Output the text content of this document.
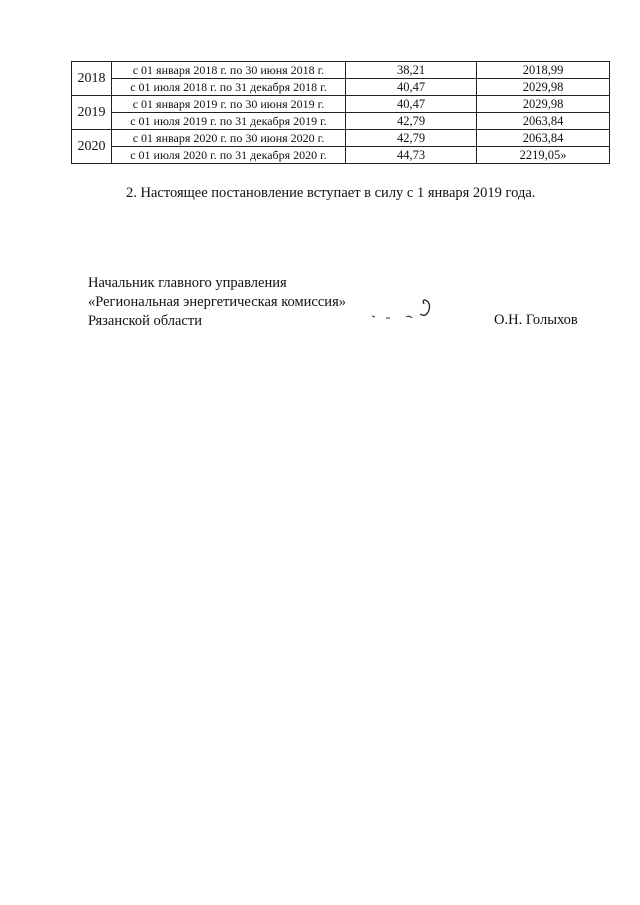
2018	с 01 января 2018 г. по 30 июня 2018 г.	38,21	2018,99
	с 01 июля 2018 г. по 31 декабря 2018 г.	40,47	2029,98
2019	с 01 января 2019 г. по 30 июня 2019 г.	40,47	2029,98
	с 01 июля 2019 г. по 31 декабря 2019 г.	42,79	2063,84
2020	с 01 января 2020 г. по 30 июня 2020 г.	42,79	2063,84
	с 01 июля 2020 г. по 31 декабря 2020 г.	44,73	2219,05»
2. Настоящее постановление вступает в силу с 1 января 2019 года.
Начальник главного управления
«Региональная энергетическая комиссия»
Рязанской области	О.Н. Голыхов
